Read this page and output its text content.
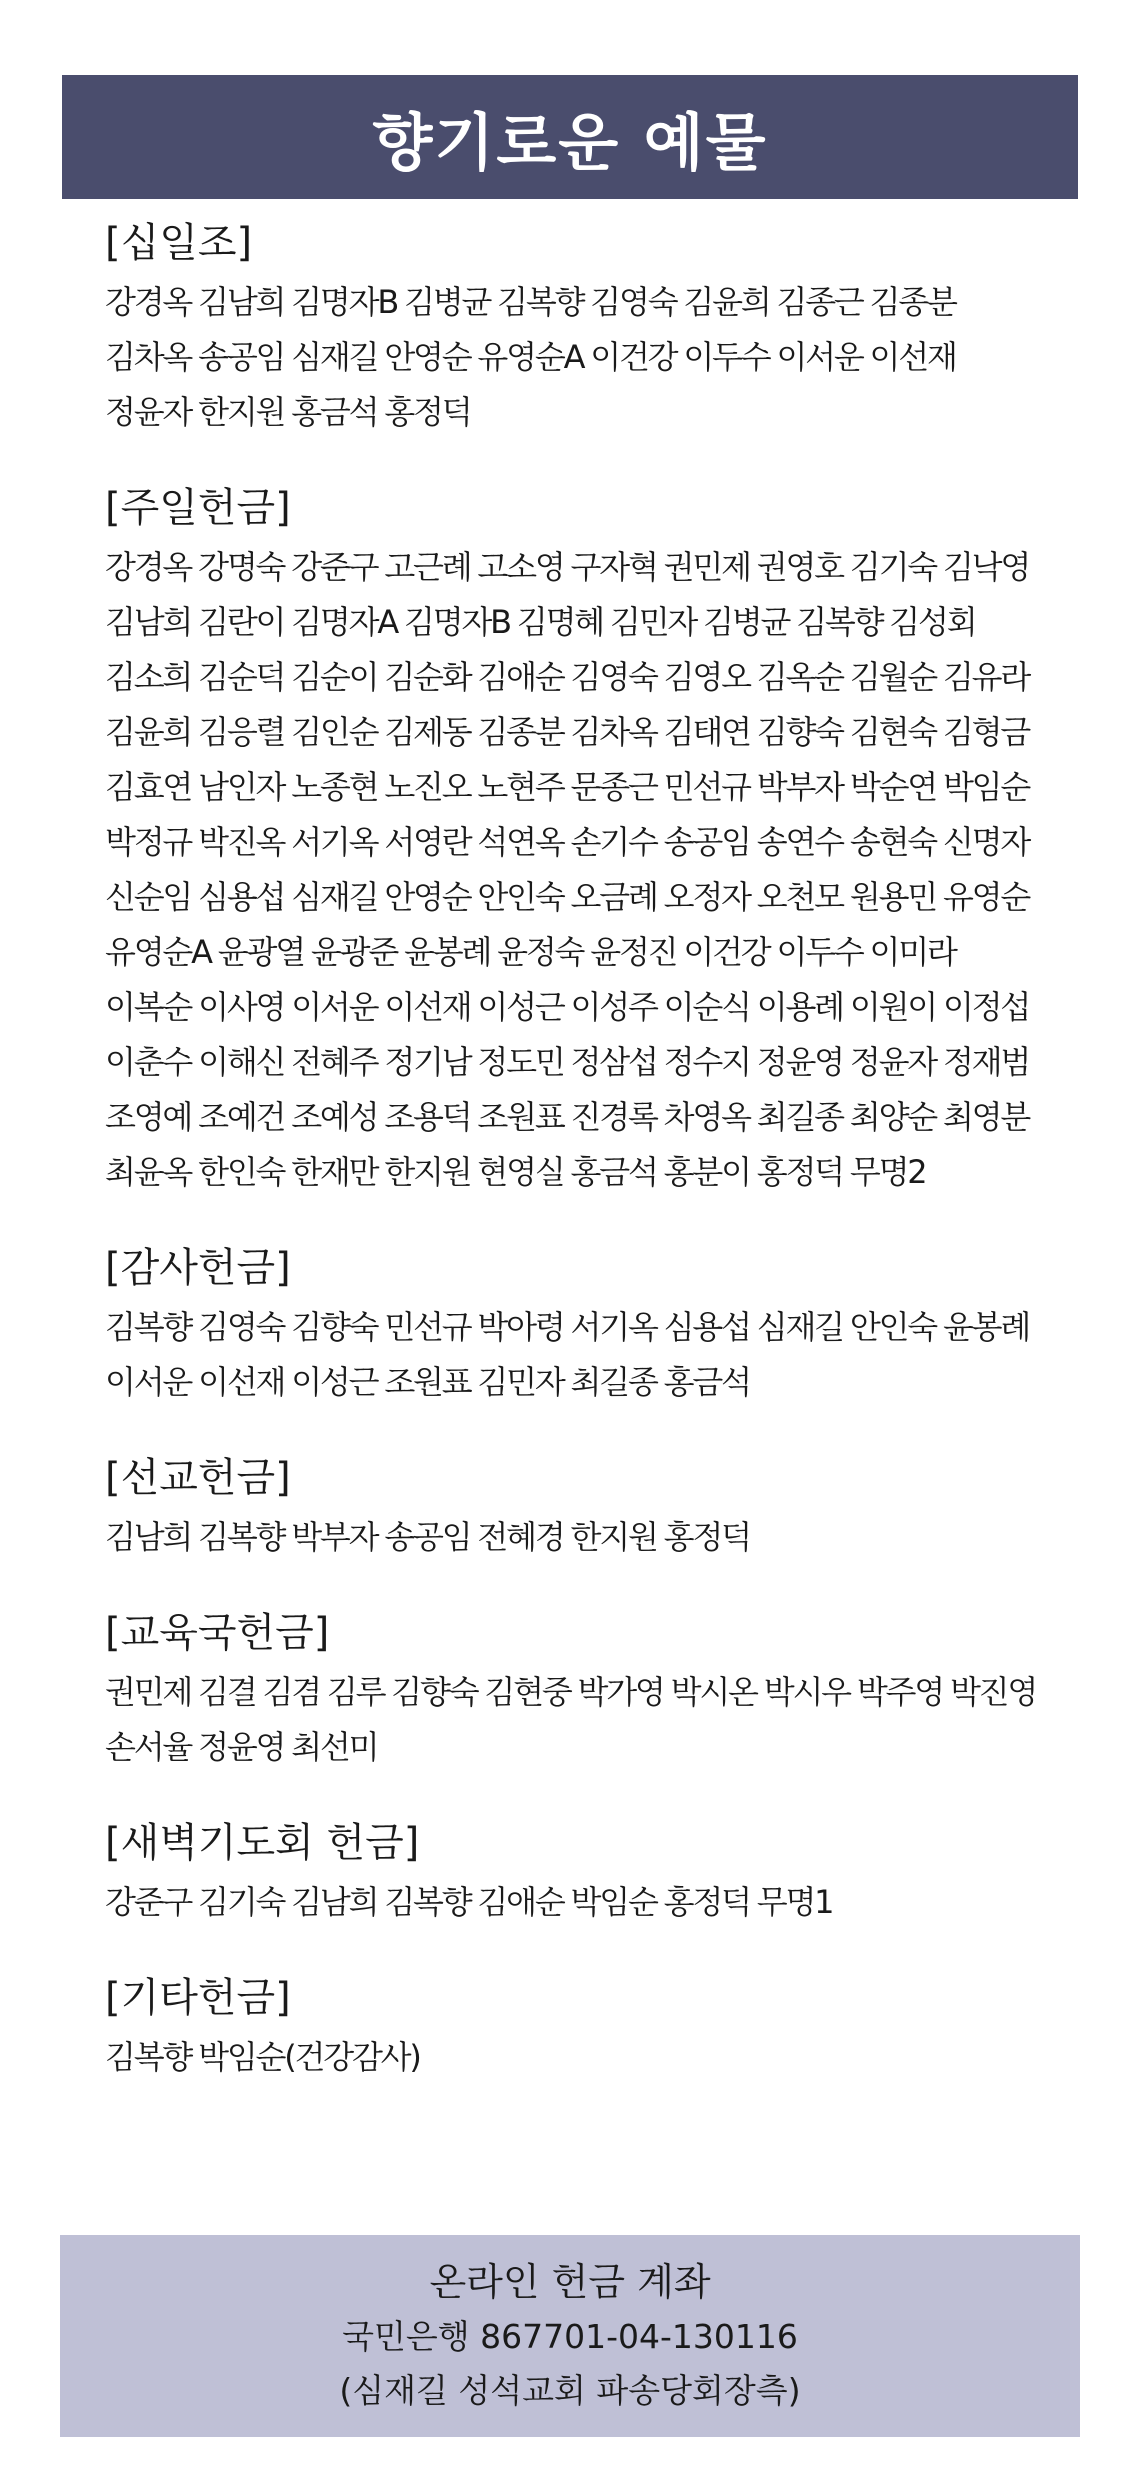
향기로운 예물
[십일조]
강경옥 김남희 김명자B 김병균 김복향 김영숙 김윤희 김종근 김종분
김차옥 송공임 심재길 안영순 유영순A 이건강 이두수 이서운 이선재
정윤자 한지원 홍금석 홍정덕
[주일헌금]
강경옥 강명숙 강준구 고근례 고소영 구자혁 권민제 권영호 김기숙 김낙영
김남희 김란이 김명자A 김명자B 김명혜 김민자 김병균 김복향 김성회
김소희 김순덕 김순이 김순화 김애순 김영숙 김영오 김옥순 김월순 김유라
김윤희 김응렬 김인순 김제동 김종분 김차옥 김태연 김향숙 김현숙 김형금
김효연 남인자 노종현 노진오 노현주 문종근 민선규 박부자 박순연 박임순
박정규 박진옥 서기옥 서영란 석연옥 손기수 송공임 송연수 송현숙 신명자
신순임 심용섭 심재길 안영순 안인숙 오금례 오정자 오천모 원용민 유영순
유영순A 윤광열 윤광준 윤봉례 윤정숙 윤정진 이건강 이두수 이미라
이복순 이사영 이서운 이선재 이성근 이성주 이순식 이용례 이원이 이정섭
이춘수 이해신 전혜주 정기남 정도민 정삼섭 정수지 정윤영 정윤자 정재범
조영예 조예건 조예성 조용덕 조원표 진경록 차영옥 최길종 최양순 최영분
최윤옥 한인숙 한재만 한지원 현영실 홍금석 홍분이 홍정덕 무명2
[감사헌금]
김복향 김영숙 김향숙 민선규 박아령 서기옥 심용섭 심재길 안인숙 윤봉례
이서운 이선재 이성근 조원표 김민자 최길종 홍금석
[선교헌금]
김남희 김복향 박부자 송공임 전혜경 한지원 홍정덕
[교육국헌금]
권민제 김결 김겸 김루 김향숙 김현중 박가영 박시온 박시우 박주영 박진영
손서율 정윤영 최선미
[새벽기도회 헌금]
강준구 김기숙 김남희 김복향 김애순 박임순 홍정덕 무명1
[기타헌금]
김복향 박임순(건강감사)
온라인 헌금 계좌
국민은행 867701-04-130116
(심재길 성석교회 파송당회장측)
